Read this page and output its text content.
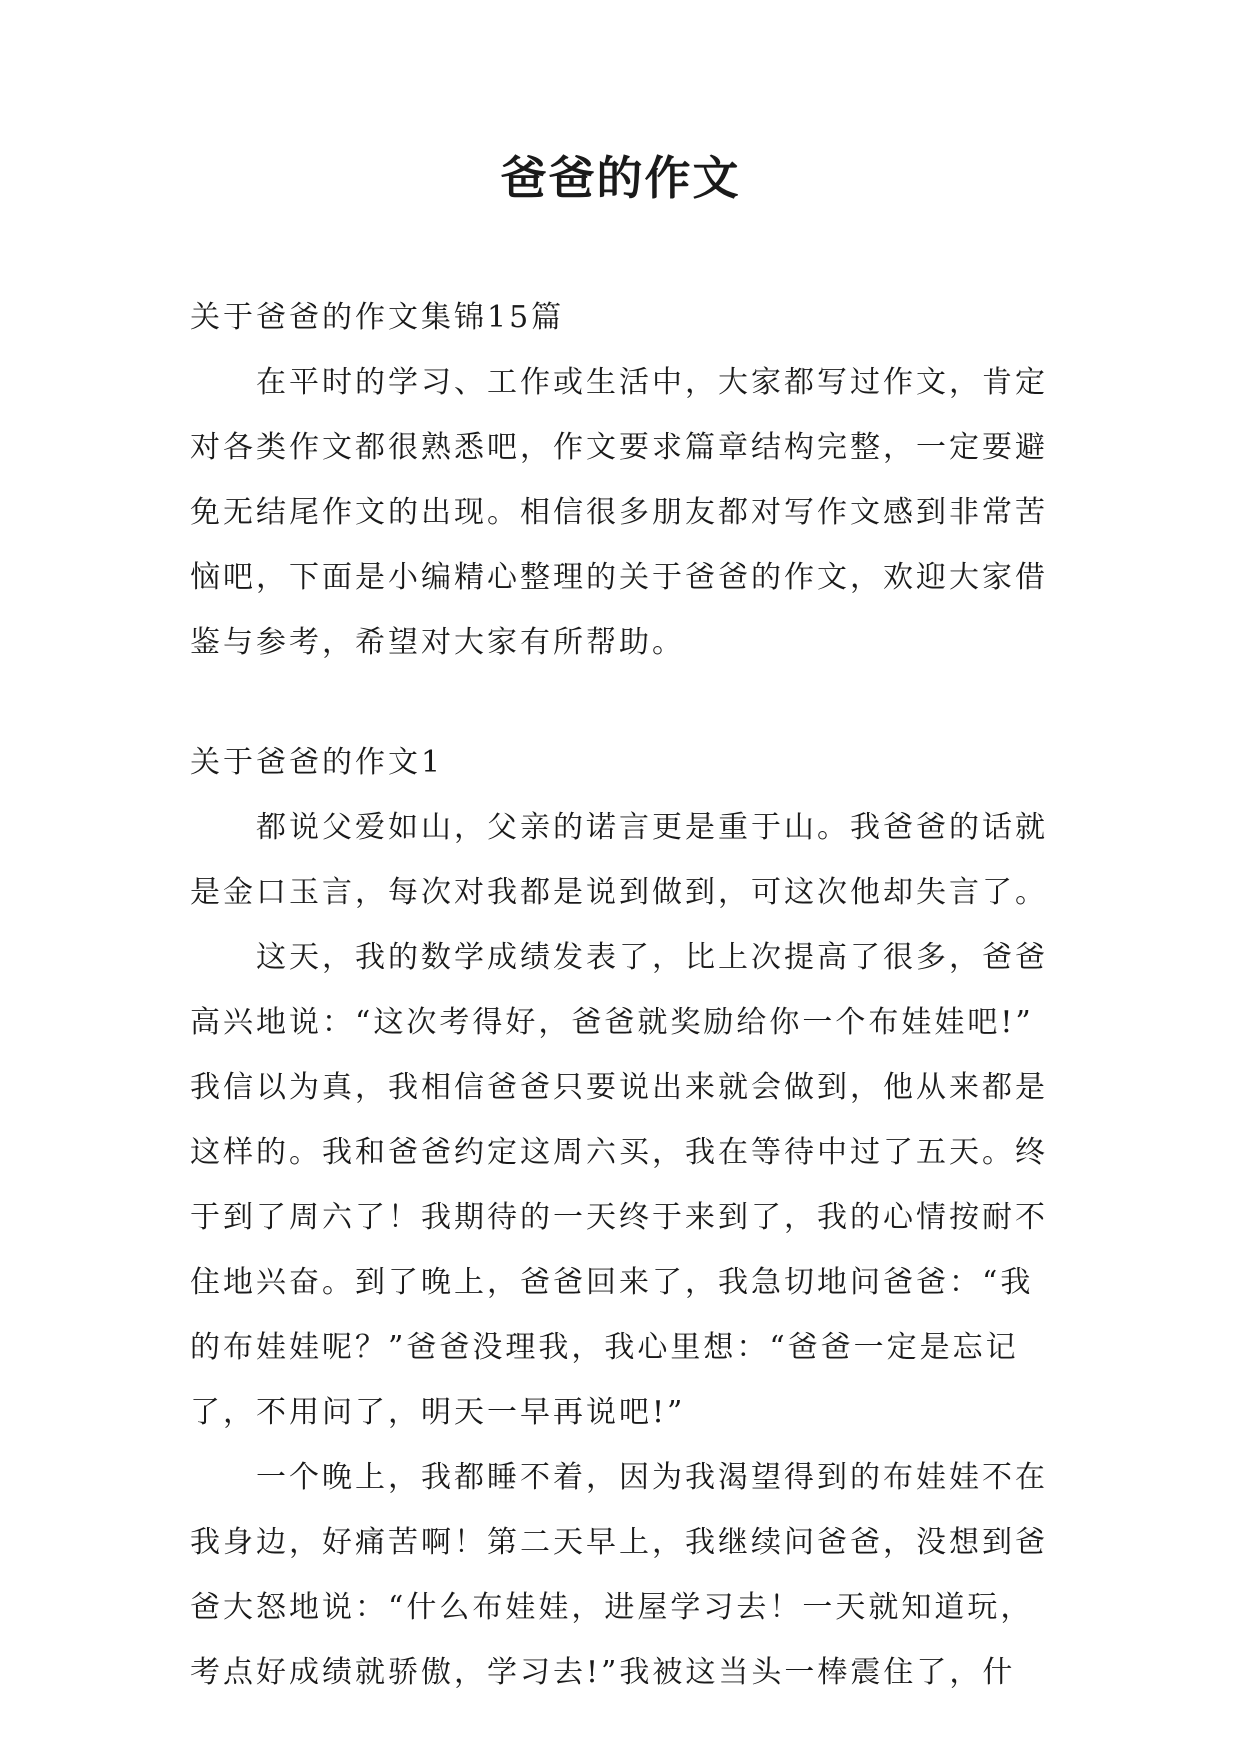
爸爸的作文
关于爸爸的作文集锦15篇
在平时的学习、工作或生活中，大家都写过作文，肯定
对各类作文都很熟悉吧，作文要求篇章结构完整，一定要避
免无结尾作文的出现。相信很多朋友都对写作文感到非常苦
恼吧，下面是小编精心整理的关于爸爸的作文，欢迎大家借
鉴与参考，希望对大家有所帮助。
关于爸爸的作文1
都说父爱如山，父亲的诺言更是重于山。我爸爸的话就
是金口玉言，每次对我都是说到做到，可这次他却失言了。
这天，我的数学成绩发表了，比上次提高了很多，爸爸
高兴地说：“这次考得好，爸爸就奖励给你一个布娃娃吧!”
我信以为真，我相信爸爸只要说出来就会做到，他从来都是
这样的。我和爸爸约定这周六买，我在等待中过了五天。终
于到了周六了！我期待的一天终于来到了，我的心情按耐不
住地兴奋。到了晚上，爸爸回来了，我急切地问爸爸：“我
的布娃娃呢？”爸爸没理我，我心里想：“爸爸一定是忘记
了，不用问了，明天一早再说吧!”
一个晚上，我都睡不着，因为我渴望得到的布娃娃不在
我身边，好痛苦啊！第二天早上，我继续问爸爸，没想到爸
爸大怒地说：“什么布娃娃，进屋学习去！一天就知道玩，
考点好成绩就骄傲，学习去!”我被这当头一棒震住了，什
